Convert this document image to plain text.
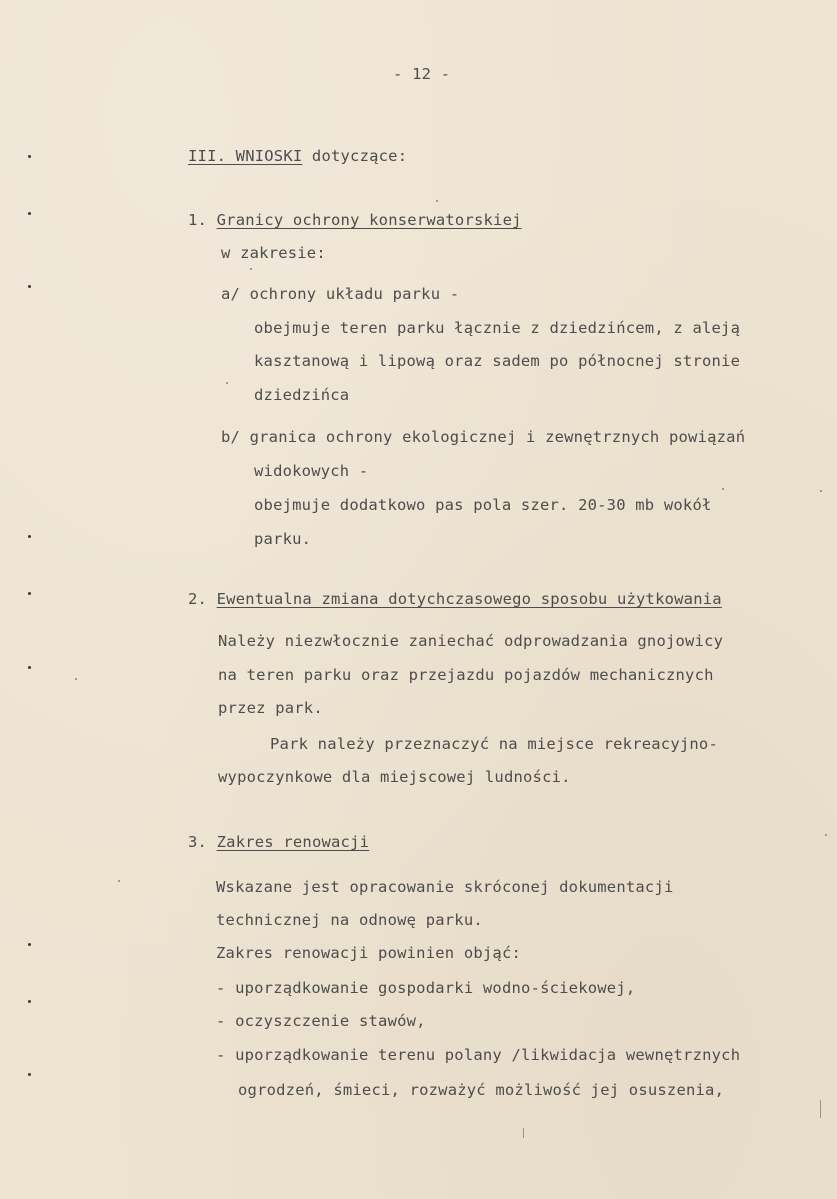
- 12 -
III. WNIOSKI dotyczące:
1. Granicy ochrony konserwatorskiej
w zakresie:
a/ ochrony układu parku -
obejmuje teren parku łącznie z dziedzińcem, z aleją
kasztanową i lipową oraz sadem po północnej stronie
dziedzińca
b/ granica ochrony ekologicznej i zewnętrznych powiązań
widokowych -
obejmuje dodatkowo pas pola szer. 20-30 mb wokół
parku.
2. Ewentualna zmiana dotychczasowego sposobu użytkowania
Należy niezwłocznie zaniechać odprowadzania gnojowicy
na teren parku oraz przejazdu pojazdów mechanicznych
przez park.
Park należy przeznaczyć na miejsce rekreacyjno-
wypoczynkowe dla miejscowej ludności.
3. Zakres renowacji
Wskazane jest opracowanie skróconej dokumentacji
technicznej na odnowę parku.
Zakres renowacji powinien objąć:
- uporządkowanie gospodarki wodno-ściekowej,
- oczyszczenie stawów,
- uporządkowanie terenu polany /likwidacja wewnętrznych
ogrodzeń, śmieci, rozważyć możliwość jej osuszenia,
